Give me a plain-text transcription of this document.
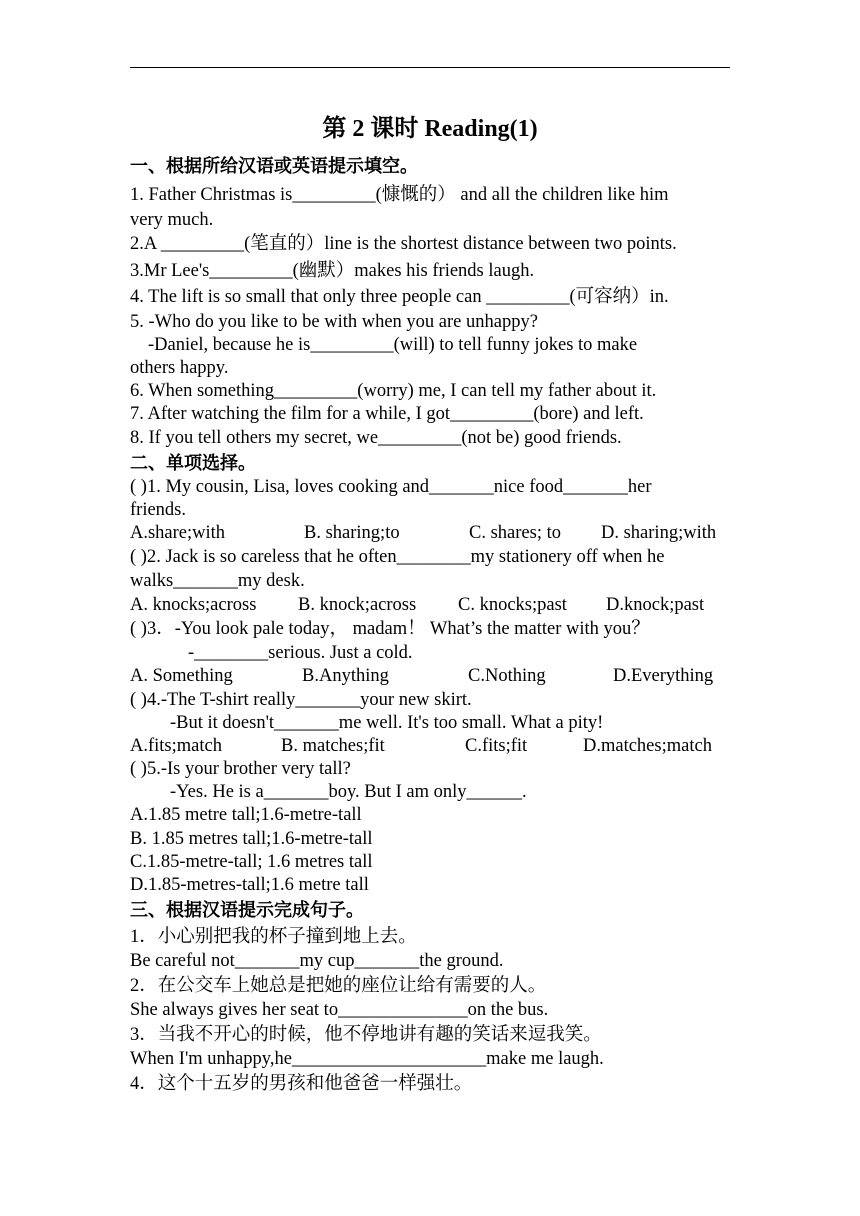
第 2 课时 Reading(1)
一、根据所给汉语或英语提示填空。
1. Father Christmas is_________(慷慨的） and all the children like him
very much.
2.A _________(笔直的）line is the shortest distance between two points.
3.Mr Lee's_________(幽默）makes his friends laugh.
4. The lift is so small that only three people can _________(可容纳）in.
5. -Who do you like to be with when you are unhappy?
-Daniel, because he is_________(will) to tell funny jokes to make
others happy.
6. When something_________(worry) me, I can tell my father about it.
7. After watching the film for a while, I got_________(bore) and left.
8. If you tell others my secret, we_________(not be) good friends.
二、单项选择。
( )1. My cousin, Lisa, loves cooking and_______nice food_______her
friends.
A.share;with	B. sharing;to	C. shares; to D. sharing;with
( )2. Jack is so careless that he often________my stationery off when he
walks_______my desk.
A. knocks;across B. knock;across C. knocks;past D.knock;past
( )3．-You look pale today， madam！ What’s the matter with you？
-________serious. Just a cold.
A. Something	B.Anything	C.Nothing	D.Everything
( )4.-The T-shirt really_______your new skirt.
-But it doesn't_______me well. It's too small. What a pity!
A.fits;match	B. matches;fit	C.fits;fit	D.matches;match
( )5.-Is your brother very tall?
-Yes. He is a_______boy. But I am only______.
A.1.85 metre tall;1.6-metre-tall
B. 1.85 metres tall;1.6-metre-tall
C.1.85-metre-tall; 1.6 metres tall
D.1.85-metres-tall;1.6 metre tall
三、根据汉语提示完成句子。
1．小心别把我的杯子撞到地上去。
Be careful not_______my cup_______the ground.
2．在公交车上她总是把她的座位让给有需要的人。
She always gives her seat to______________on the bus.
3．当我不开心的时候，他不停地讲有趣的笑话来逗我笑。
When I'm unhappy,he_____________________make me laugh.
4．这个十五岁的男孩和他爸爸一样强壮。
